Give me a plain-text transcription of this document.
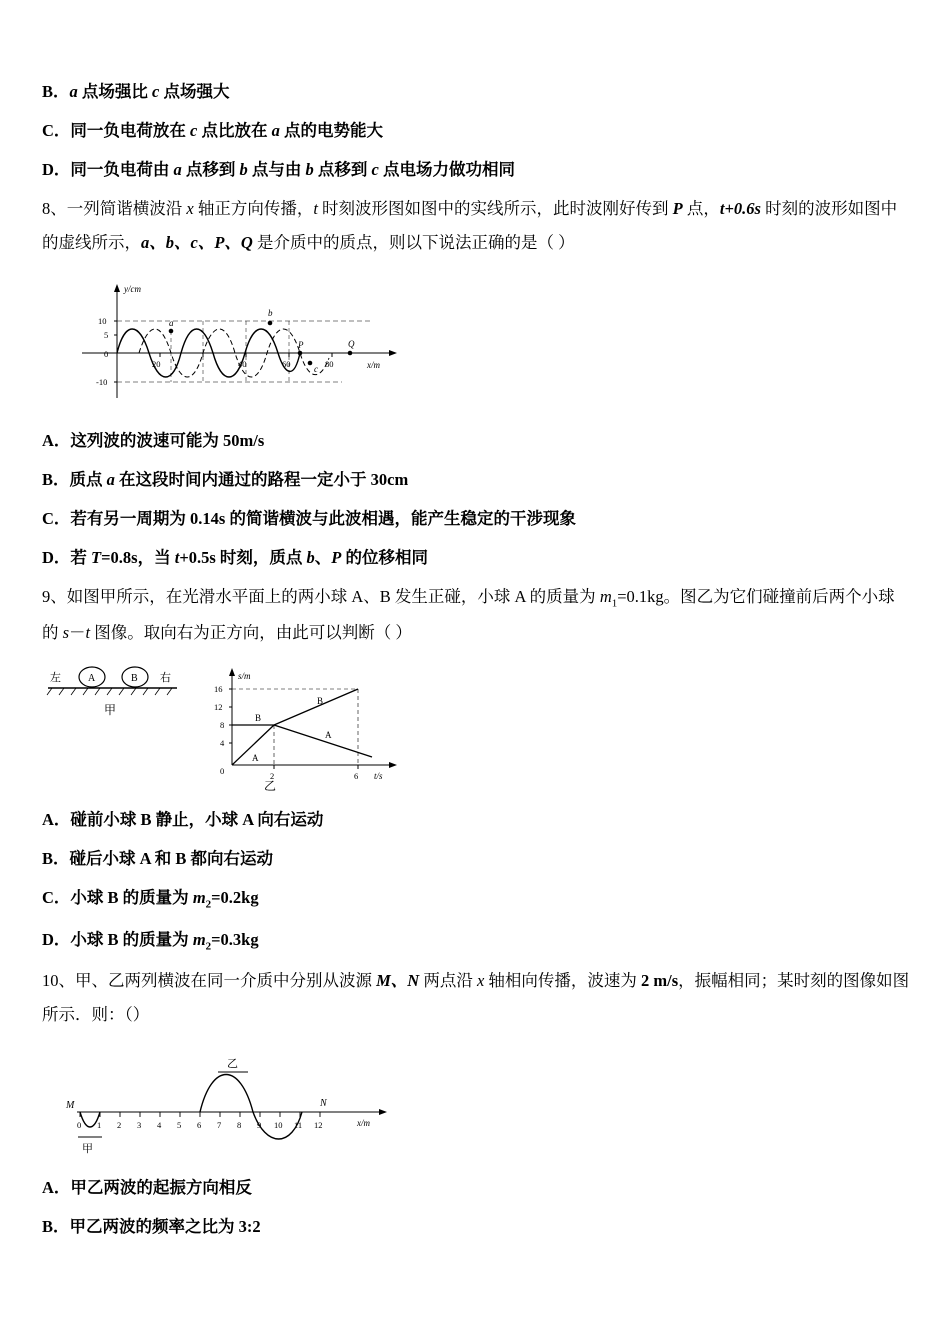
B．a 点场强比 c 点场强大
C．同一负电荷放在 c 点比放在 a 点的电势能大
D．同一负电荷由 a 点移到 b 点与由 b 点移到 c 点电场力做功相同
8、一列简谐横波沿 x 轴正方向传播，t 时刻波形图如图中的实线所示，此时波刚好传到 P 点，t+0.6s 时刻的波形如图中
的虚线所示，a、b、c、P、Q 是介质中的质点，则以下说法正确的是（ ）
y/cm
x/m
10
5
0
-10
20	40	60	80
a
b
P
c
Q
A．这列波的波速可能为 50m/s
B．质点 a 在这段时间内通过的路程一定小于 30cm
C．若有另一周期为 0.14s 的简谐横波与此波相遇，能产生稳定的干涉现象
D．若 T=0.8s，当 t+0.5s 时刻，质点 b、P 的位移相同
9、如图甲所示，在光滑水平面上的两小球 A、B 发生正碰，小球 A 的质量为 $m_1=0.1kg$。图乙为它们碰撞前后两个小球
的 s－t 图像。取向右为正方向，由此可以判断（ ）
左	A	B 右
甲
s/m
t/s
16
12
8
4
0	2	6
B
B
A
A
乙
A．碰前小球 B 静止，小球 A 向右运动
B．碰后小球 A 和 B 都向右运动
C．小球 B 的质量为 $m_2=0.2kg$
D．小球 B 的质量为 $m_2=0.3kg$
10、甲、乙两列横波在同一介质中分别从波源 M、N 两点沿 x 轴相向传播，波速为 2 m/s，振幅相同；某时刻的图像如图
所示．则：（）
x/m
M	N
0 1 2 3 4 5 6 7 8 9 10 11 12
甲
乙
A．甲乙两波的起振方向相反
B．甲乙两波的频率之比为 3:2
